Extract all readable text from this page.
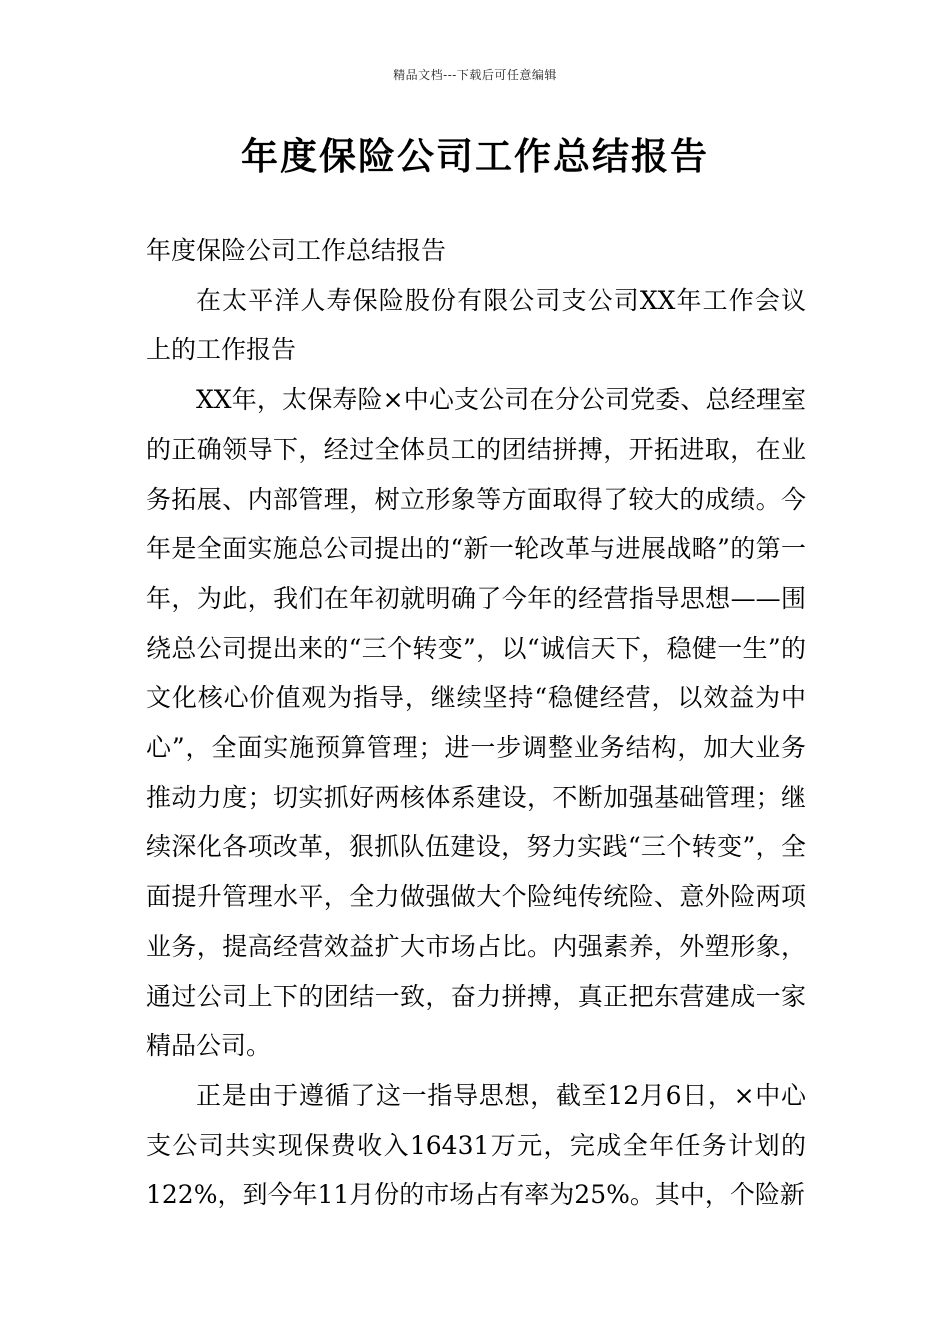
精品文档---下载后可任意编辑
年度保险公司工作总结报告

年度保险公司工作总结报告

在太平洋人寿保险股份有限公司支公司XX年工作会议上的工作报告

XX年，太保寿险×中心支公司在分公司党委、总经理室的正确领导下，经过全体员工的团结拼搏，开拓进取，在业务拓展、内部管理，树立形象等方面取得了较大的成绩。今年是全面实施总公司提出的“新一轮改革与进展战略”的第一年，为此，我们在年初就明确了今年的经营指导思想——围绕总公司提出来的“三个转变”，以“诚信天下，稳健一生”的文化核心价值观为指导，继续坚持“稳健经营，以效益为中心”，全面实施预算管理；进一步调整业务结构，加大业务推动力度；切实抓好两核体系建设，不断加强基础管理；继续深化各项改革，狠抓队伍建设，努力实践“三个转变”，全面提升管理水平，全力做强做大个险纯传统险、意外险两项业务，提高经营效益扩大市场占比。内强素养，外塑形象，通过公司上下的团结一致，奋力拼搏，真正把东营建成一家精品公司。

正是由于遵循了这一指导思想，截至12月6日，×中心支公司共实现保费收入16431万元，完成全年任务计划的122%，到今年11月份的市场占有率为25%。其中，个险新
